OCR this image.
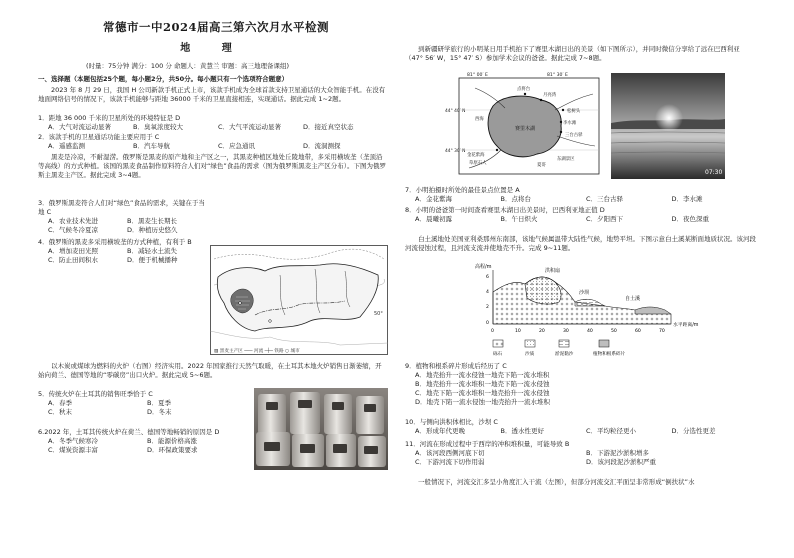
常德市一中2024届高三第六次月水平检测
地 理
(时量：75分钟 满分：100 分 命题人：黄慧兰 审题：高三地理备课组)

一、选择题（本题包括25个题，每小题2分，共50分。每小题只有一个选项符合题意）

2023 年 8 月 29 日，我国 H 公司新款手机正式上市，该款手机成为全球首款支持卫星通话的大众智能手机。在没有地面网络信号的情况下，该款手机能够与距地 36000 千米的卫星直接相连，实现通话。据此完成 1~2题。

1．距地 36 000 千米的卫星所处的环境特征是 D

A．大气对流运动显著	B．臭氧浓度较大	C．大气平流运动显著	D．接近真空状态

2．该款手机的卫星通话功能主要应用于 C

A．遥感监测	B．汽车导航	C．应急通讯	D．流洞测探

黑麦是冷凉，不耐湿涝。俄罗斯是黑麦的原产地和主产区之一，其黑麦种植区地处丘陵地带，多采用横坡垄（垄顶沿等高线）的方式种植。该国的黑麦食品制作原料符合人们对“绿色”食品的需求（图为俄罗斯黑麦主产区分布）。下图为俄罗斯主黑麦主产区。据此完成 3~4题。

3．俄罗斯黑麦符合人们对“绿色”食品的需求，关键在于当地 C

A．农业技术先进	B．黑麦生长期长
C．气候冬冷夏凉	D．种植历史悠久

4．俄罗斯的黑麦多采用横坡垄的方式种植，有利于 B

A．增加麦田光照	B．减轻水土流失
C．防止田间积水	D．便于机械播种
50°
▨ 黑麦主产区 ─── 河流 ─┼─ 铁路 ○ 城市

以木炭或煤球为燃料的火炉（右图）经济实用。2022 年国家推行天然气取暖，在土耳其本地火炉销售日渐萎缩，开始向荷兰、德国等地的“零碳房”出口火炉。据此完成 5~6题。

5．传统火炉在土耳其的销售旺季恰于 C

A．春季	B．夏季
C．秋末	D．冬末

6.2022 年，土耳其传统火炉在荷兰、德国等地畅销的原因是 D

A．冬季气候寒冷	B．能源价格高涨
C．煤炭资源丰富	D．环保政策要求

到新疆研学旅行的小明某日用手机拍下了赛里木湖日出的美景（如下图所示），并同时微信分享给了远在巴西利亚（47° 56′ W，15° 47′ S）参加学术会议的爸爸。据此完成 7~8题。

81° 00′ E	81° 30′ E
44° 40′ N
44° 30′ N
赛里木湖
点将台
月亮湾
松树头
金花紫海
三台古驿
李水滩
草原石人
西海
夏哥
东湖景区
07:30

7．小明拍摄时所处的最佳景点位置是 A

A．金花紫海	B．点将台	C．三台古驿	D．李水滩

8．小明的爸爸第一时间查看赛里木湖日出美景时，巴西利亚地正值 D

A．晨曦初露	B．午日炽火	C．夕阳西下	D．夜色深重

白土溪地处美国亚利桑那州东南部，该地气候属温带大陆性气候，地势平坦。下图示意白土溪某断面地质状况。该河段河流侵蚀过程，且河流支流并使地壳不升。完成 9~11题。

高程/m
6
4
2
0
洪积扇
沙坝
自土溪
0	10	20	30	40	50	60	70
水平距离/m
砾石	沙质	淤泥黏沙	植物和根系碎片

9．植物和根系碎片形成后经历了 C

A．地壳抬升一流水侵蚀一地壳下陷一流水堆积
B．地壳抬升一流水堆积一地壳下陷一流水侵蚀
C．地壳下陷一流水堆积一地壳抬升一流水侵蚀
D．地壳下陷一流水侵蚀一地壳抬升一流水堆积

10．与侧向洪积体相比，沙坝 C

A．形成年代更晚	B．透水性更好	C．平均粒径更小	D．分选性更差

11．河流在形成过程中于西岸的冲积堆积量，可能导致 B

A．该河段西侧河底下切	B．下游泥沙淤积增多
C．下游河流下切作用弱	D．该河段泥沙淤积严重

一般情况下，河流交汇多呈小角度汇入干流（左图），但部分河流交汇平面呈非常形成“倒扶状”水
